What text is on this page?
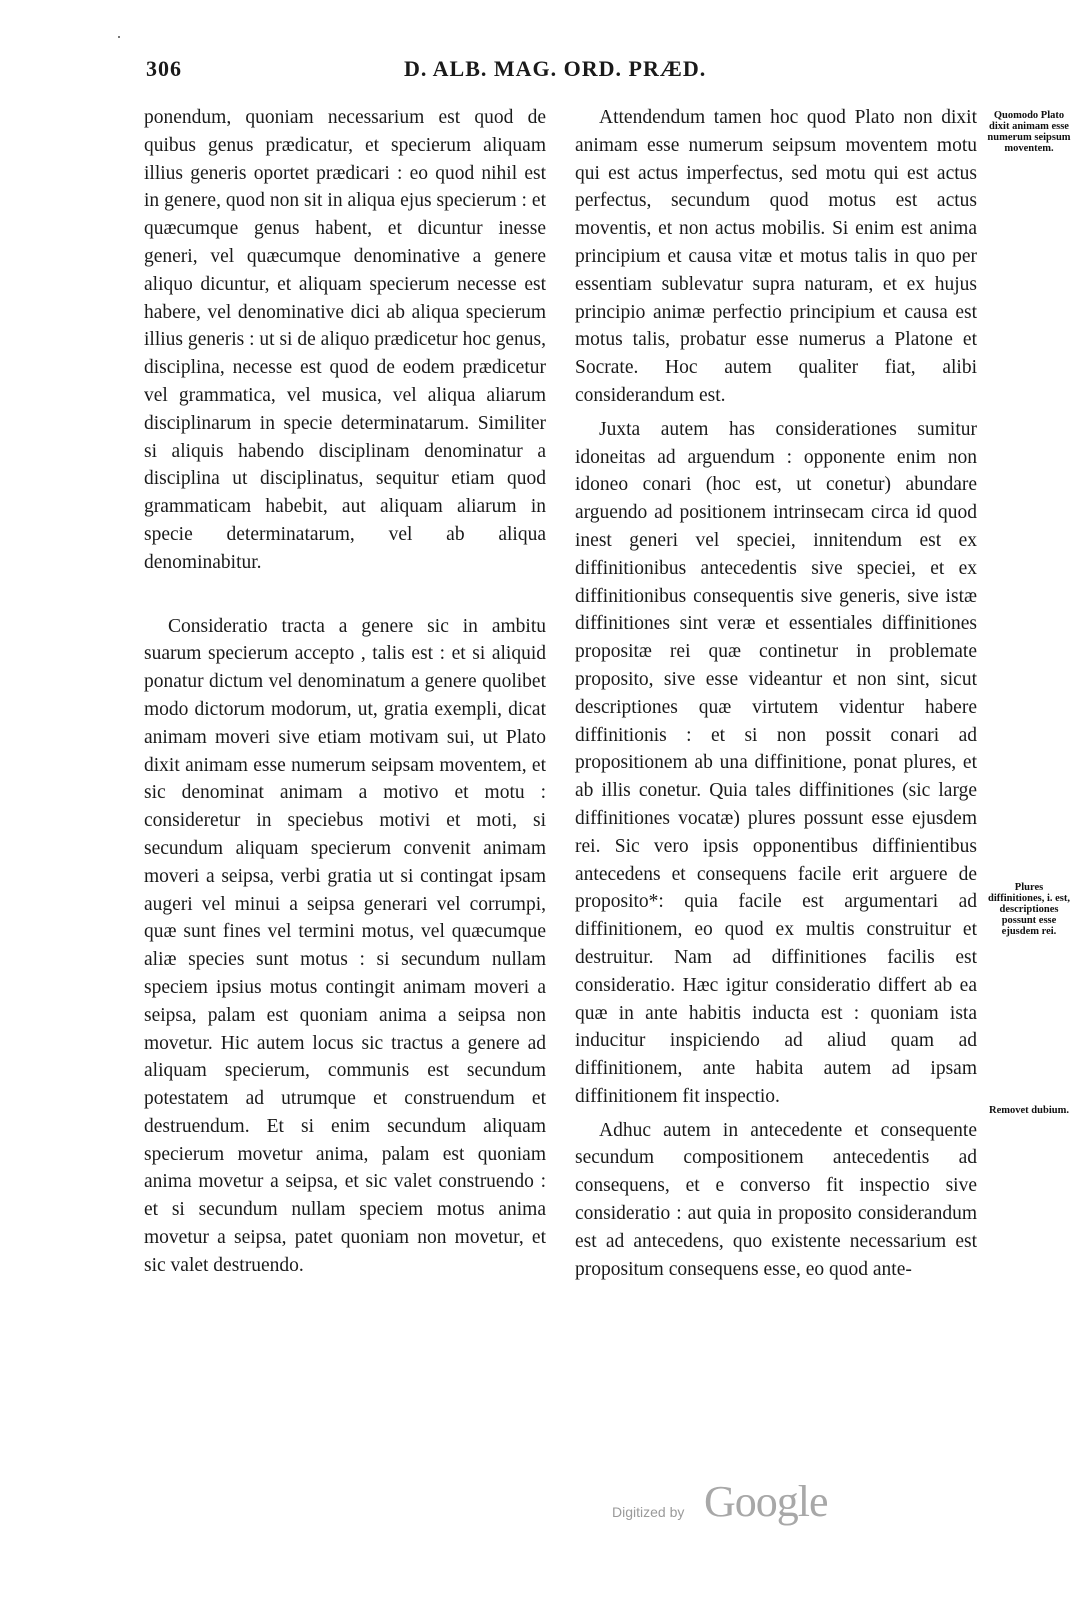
306	D. ALB. MAG. ORD. PRÆD.

ponendum, quoniam necessarium est quod de quibus genus prædicatur, et specierum aliquam illius generis oportet prædicari : eo quod nihil est in genere, quod non sit in aliqua ejus specierum : et quæcumque genus habent, et dicuntur inesse generi, vel quæcumque denominative a genere aliquo dicuntur, et aliquam specierum necesse est habere, vel denominative dici ab aliqua specierum illius generis : ut si de aliquo prædicetur hoc genus, disciplina, necesse est quod de eodem prædicetur vel grammatica, vel musica, vel aliqua aliarum disciplinarum in specie determinatarum. Similiter si aliquis habendo disciplinam denominatur a disciplina ut disciplinatus, sequitur etiam quod grammaticam habebit, aut aliquam aliarum in specie determinatarum, vel ab aliqua denominabitur.

Consideratio tracta a genere sic in ambitu suarum specierum accepto , talis est : et si aliquid ponatur dictum vel denominatum a genere quolibet modo dictorum modorum, ut, gratia exempli, dicat animam moveri sive etiam motivam sui, ut Plato dixit animam esse numerum seipsam moventem, et sic denominat animam a motivo et motu : consideretur in speciebus motivi et moti, si secundum aliquam specierum convenit animam moveri a seipsa, verbi gratia ut si contingat ipsam augeri vel minui a seipsa generari vel corrumpi, quæ sunt fines vel termini motus, vel quæcumque aliæ species sunt motus : si secundum nullam speciem ipsius motus contingit animam moveri a seipsa, palam est quoniam anima a seipsa non movetur. Hic autem locus sic tractus a genere ad aliquam specierum, communis est secundum potestatem ad utrumque et construendum et destruendum. Et si enim secundum aliquam specierum movetur anima, palam est quoniam anima movetur a seipsa, et sic valet construendo : et si secundum nullam speciem motus anima movetur a seipsa, patet quoniam non movetur, et sic valet destruendo.

Attendendum tamen hoc quod Plato non dixit animam esse numerum seipsum moventem motu qui est actus imperfectus, sed motu qui est actus perfectus, secundum quod motus est actus moventis, et non actus mobilis. Si enim est anima principium et causa vitæ et motus talis in quo per essentiam sublevatur supra naturam, et ex hujus principio animæ perfectio principium et causa est motus talis, probatur esse numerus a Platone et Socrate. Hoc autem qualiter fiat, alibi considerandum est.

Juxta autem has considerationes sumitur idoneitas ad arguendum : opponente enim non idoneo conari (hoc est, ut conetur) abundare arguendo ad positionem intrinsecam circa id quod inest generi vel speciei, innitendum est ex diffinitionibus antecedentis sive speciei, et ex diffinitionibus consequentis sive generis, sive istæ diffinitiones sint veræ et essentiales diffinitiones propositæ rei quæ continetur in problemate proposito, sive esse videantur et non sint, sicut descriptiones quæ virtutem videntur habere diffinitionis : et si non possit conari ad propositionem ab una diffinitione, ponat plures, et ab illis conetur. Quia tales diffinitiones (sic large diffinitiones vocatæ) plures possunt esse ejusdem rei. Sic vero ipsis opponentibus diffinientibus antecedens et consequens facile erit arguere de proposito*: quia facile est argumentari ad diffinitionem, eo quod ex multis construitur et destruitur. Nam ad diffinitiones facilis est consideratio. Hæc igitur consideratio differt ab ea quæ in ante habitis inducta est : quoniam ista inducitur inspiciendo ad aliud quam ad diffinitionem, ante habita autem ad ipsam diffinitionem fit inspectio.

Adhuc autem in antecedente et consequente secundum compositionem antecedentis ad consequens, et e converso fit inspectio sive consideratio : aut quia in proposito considerandum est ad antecedens, quo existente necessarium est propositum consequens esse, eo quod ante-

Quomodo Plato dixit animam esse numerum seipsum moventem.
Plures diffinitiones, i. est, descriptiones possunt esse ejusdem rei.
Removet dubium.
Digitized by Google
